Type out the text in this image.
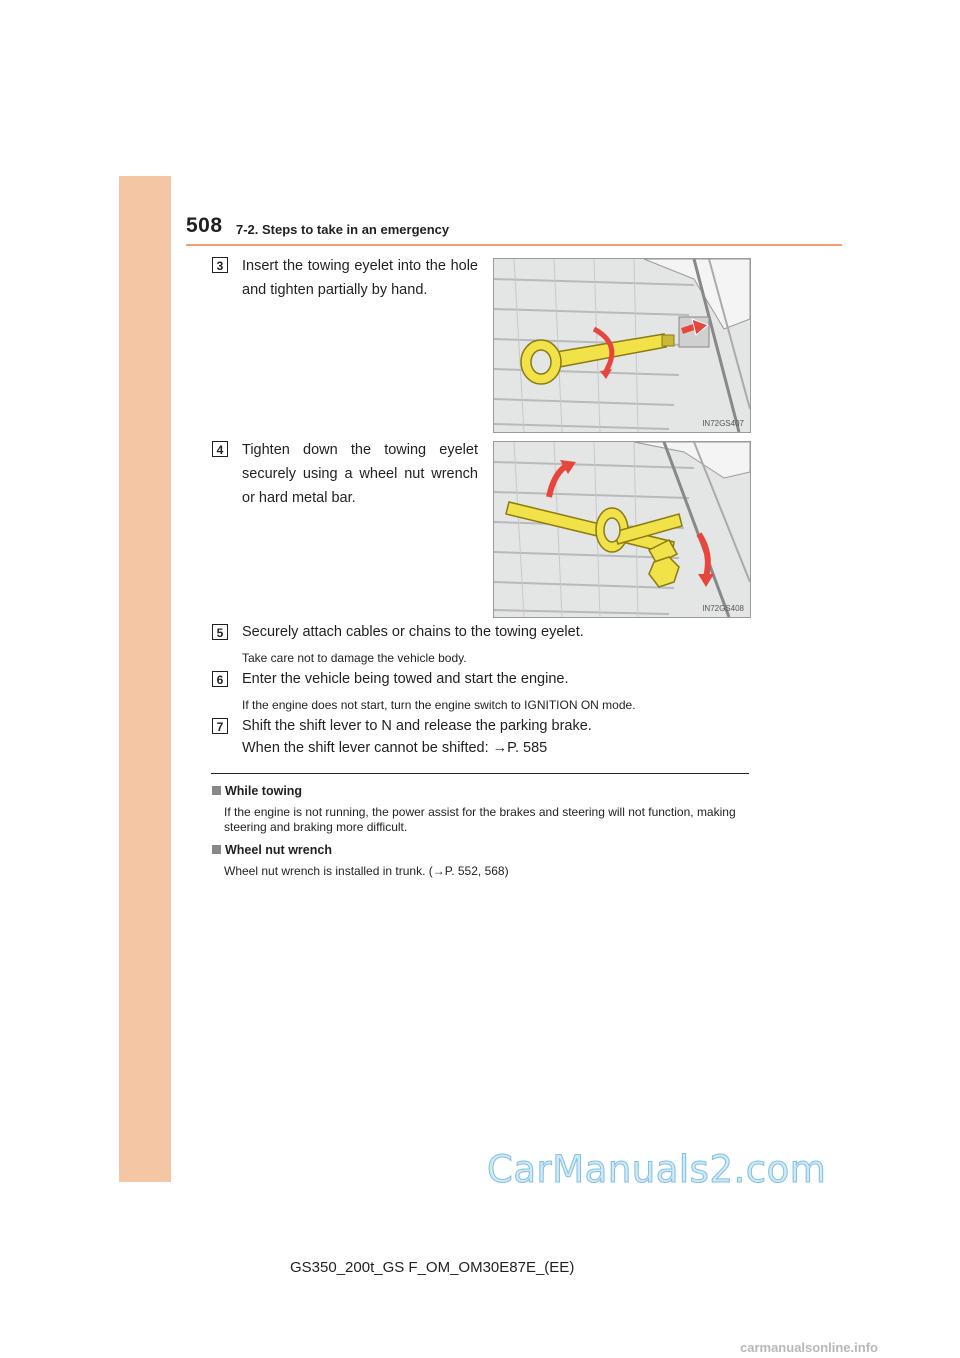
508 7-2. Steps to take in an emergency
3	Insert the towing eyelet into the hole and tighten partially by hand.
IN72GS407
4	Tighten down the towing eyelet securely using a wheel nut wrench or hard metal bar.
IN72GS408
5	Securely attach cables or chains to the towing eyelet.
Take care not to damage the vehicle body.
6	Enter the vehicle being towed and start the engine.
If the engine does not start, turn the engine switch to IGNITION ON mode.
7	Shift the shift lever to N and release the parking brake.
When the shift lever cannot be shifted: →P. 585
While towing
If the engine is not running, the power assist for the brakes and steering will not function, making steering and braking more difficult.
Wheel nut wrench
Wheel nut wrench is installed in trunk. (→P. 552, 568)
CarManuals2.com
GS350_200t_GS F_OM_OM30E87E_(EE)
carmanualsonline.info
